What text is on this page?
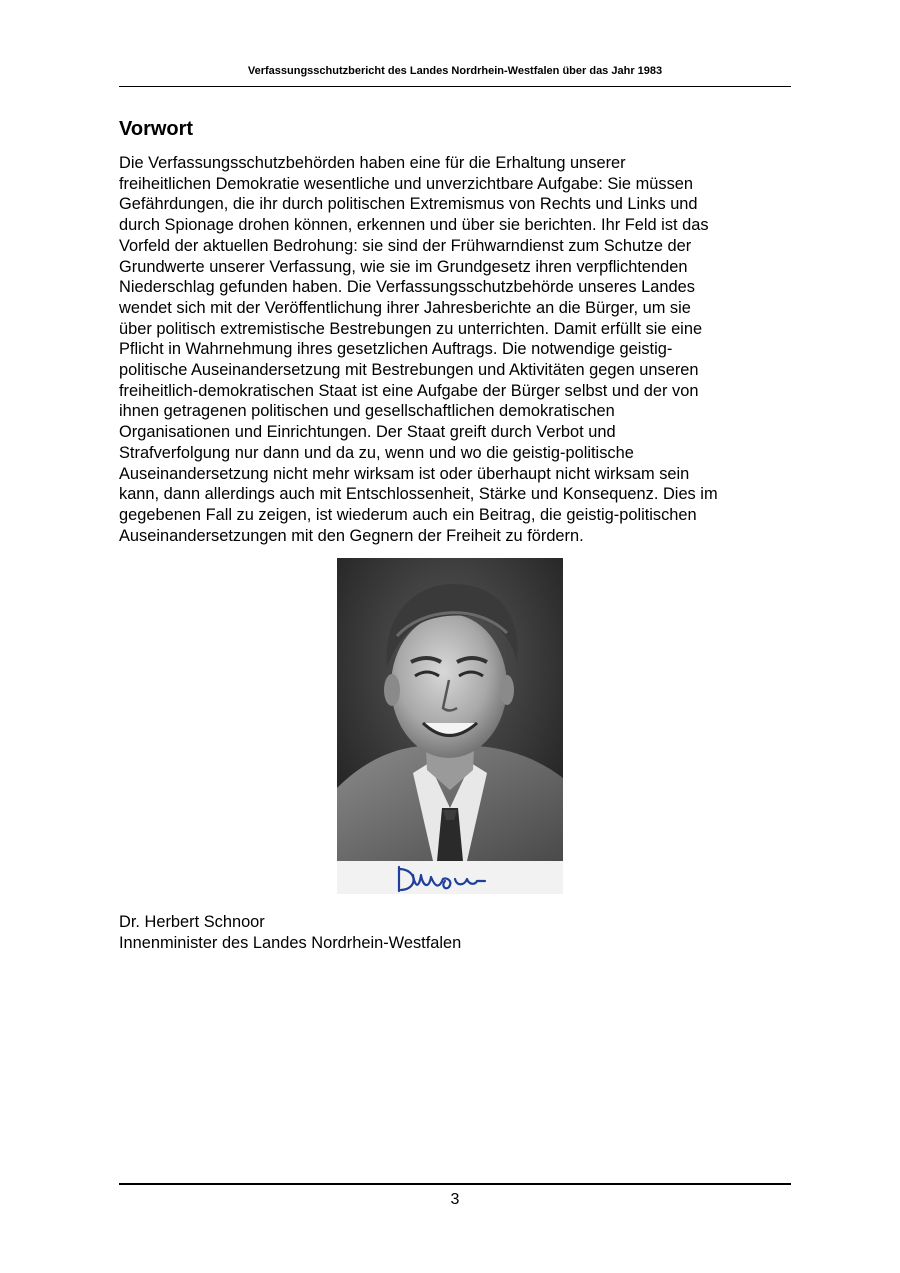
Verfassungsschutzbericht des Landes Nordrhein-Westfalen über das Jahr 1983
Vorwort
Die Verfassungsschutzbehörden haben eine für die Erhaltung unserer
freiheitlichen Demokratie wesentliche und unverzichtbare Aufgabe: Sie müssen
Gefährdungen, die ihr durch politischen Extremismus von Rechts und Links und
durch Spionage drohen können, erkennen und über sie berichten. Ihr Feld ist das
Vorfeld der aktuellen Bedrohung: sie sind der Frühwarndienst zum Schutze der
Grundwerte unserer Verfassung, wie sie im Grundgesetz ihren verpflichtenden
Niederschlag gefunden haben. Die Verfassungsschutzbehörde unseres Landes
wendet sich mit der Veröffentlichung ihrer Jahresberichte an die Bürger, um sie
über politisch extremistische Bestrebungen zu unterrichten. Damit erfüllt sie eine
Pflicht in Wahrnehmung ihres gesetzlichen Auftrags. Die notwendige geistig-
politische Auseinandersetzung mit Bestrebungen und Aktivitäten gegen unseren
freiheitlich-demokratischen Staat ist eine Aufgabe der Bürger selbst und der von
ihnen getragenen politischen und gesellschaftlichen demokratischen
Organisationen und Einrichtungen. Der Staat greift durch Verbot und
Strafverfolgung nur dann und da zu, wenn und wo die geistig-politische
Auseinandersetzung nicht mehr wirksam ist oder überhaupt nicht wirksam sein
kann, dann allerdings auch mit Entschlossenheit, Stärke und Konsequenz. Dies im
gegebenen Fall zu zeigen, ist wiederum auch ein Beitrag, die geistig-politischen
Auseinandersetzungen mit den Gegnern der Freiheit zu fördern.
Dr. Herbert Schnoor
Innenminister des Landes Nordrhein-Westfalen
3
